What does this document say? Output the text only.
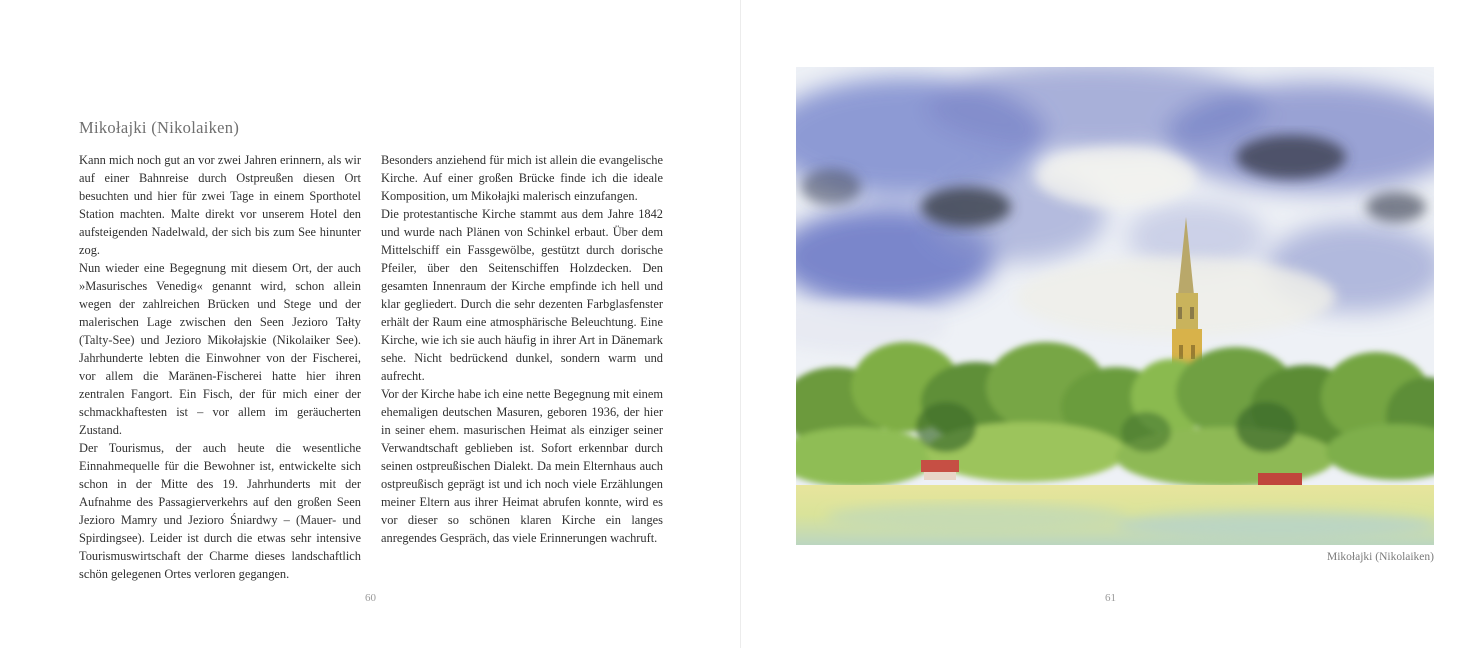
Mikołajki (Nikolaiken)

Kann mich noch gut an vor zwei Jahren erinnern, als wir auf einer Bahnreise durch Ostpreußen diesen Ort besuchten und hier für zwei Tage in einem Sporthotel Station machten. Malte direkt vor unserem Hotel den aufsteigenden Nadelwald, der sich bis zum See hinunter zog.

Nun wieder eine Begegnung mit diesem Ort, der auch »Masurisches Venedig« genannt wird, schon allein wegen der zahlreichen Brücken und Stege und der malerischen Lage zwischen den Seen Jezioro Tałty (Talty-See) und Jezioro Mikołajskie (Nikolaiker See). Jahrhunderte lebten die Einwohner von der Fischerei, vor allem die Maränen-Fischerei hatte hier ihren zentralen Fangort. Ein Fisch, der für mich einer der schmackhaftesten ist – vor allem im geräucherten Zustand.

Der Tourismus, der auch heute die wesentliche Einnahmequelle für die Bewohner ist, entwickelte sich schon in der Mitte des 19. Jahrhunderts mit der Aufnahme des Passagierverkehrs auf den großen Seen Jezioro Mamry und Jezioro Śniardwy – (Mauer- und Spirdingsee). Leider ist durch die etwas sehr intensive Tourismuswirtschaft der Charme dieses landschaftlich schön gelegenen Ortes verloren gegangen.

Besonders anziehend für mich ist allein die evangelische Kirche. Auf einer großen Brücke finde ich die ideale Komposition, um Mikołajki malerisch einzufangen.

Die protestantische Kirche stammt aus dem Jahre 1842 und wurde nach Plänen von Schinkel erbaut. Über dem Mittelschiff ein Fassgewölbe, gestützt durch dorische Pfeiler, über den Seitenschiffen Holzdecken. Den gesamten Innenraum der Kirche empfinde ich hell und klar gegliedert. Durch die sehr dezenten Farbglasfenster erhält der Raum eine atmosphärische Beleuchtung. Eine Kirche, wie ich sie auch häufig in ihrer Art in Dänemark sehe. Nicht bedrückend dunkel, sondern warm und aufrecht.

Vor der Kirche habe ich eine nette Begegnung mit einem ehemaligen deutschen Masuren, geboren 1936, der hier in seiner ehem. masurischen Heimat als einziger seiner Verwandtschaft geblieben ist. Sofort erkennbar durch seinen ostpreußischen Dialekt. Da mein Elternhaus auch ostpreußisch geprägt ist und ich noch viele Erzählungen meiner Eltern aus ihrer Heimat abrufen konnte, wird es vor dieser so schönen klaren Kirche ein langes anregendes Gespräch, das viele Erinnerungen wachruft.

60	61
Mikołajki (Nikolaiken)
